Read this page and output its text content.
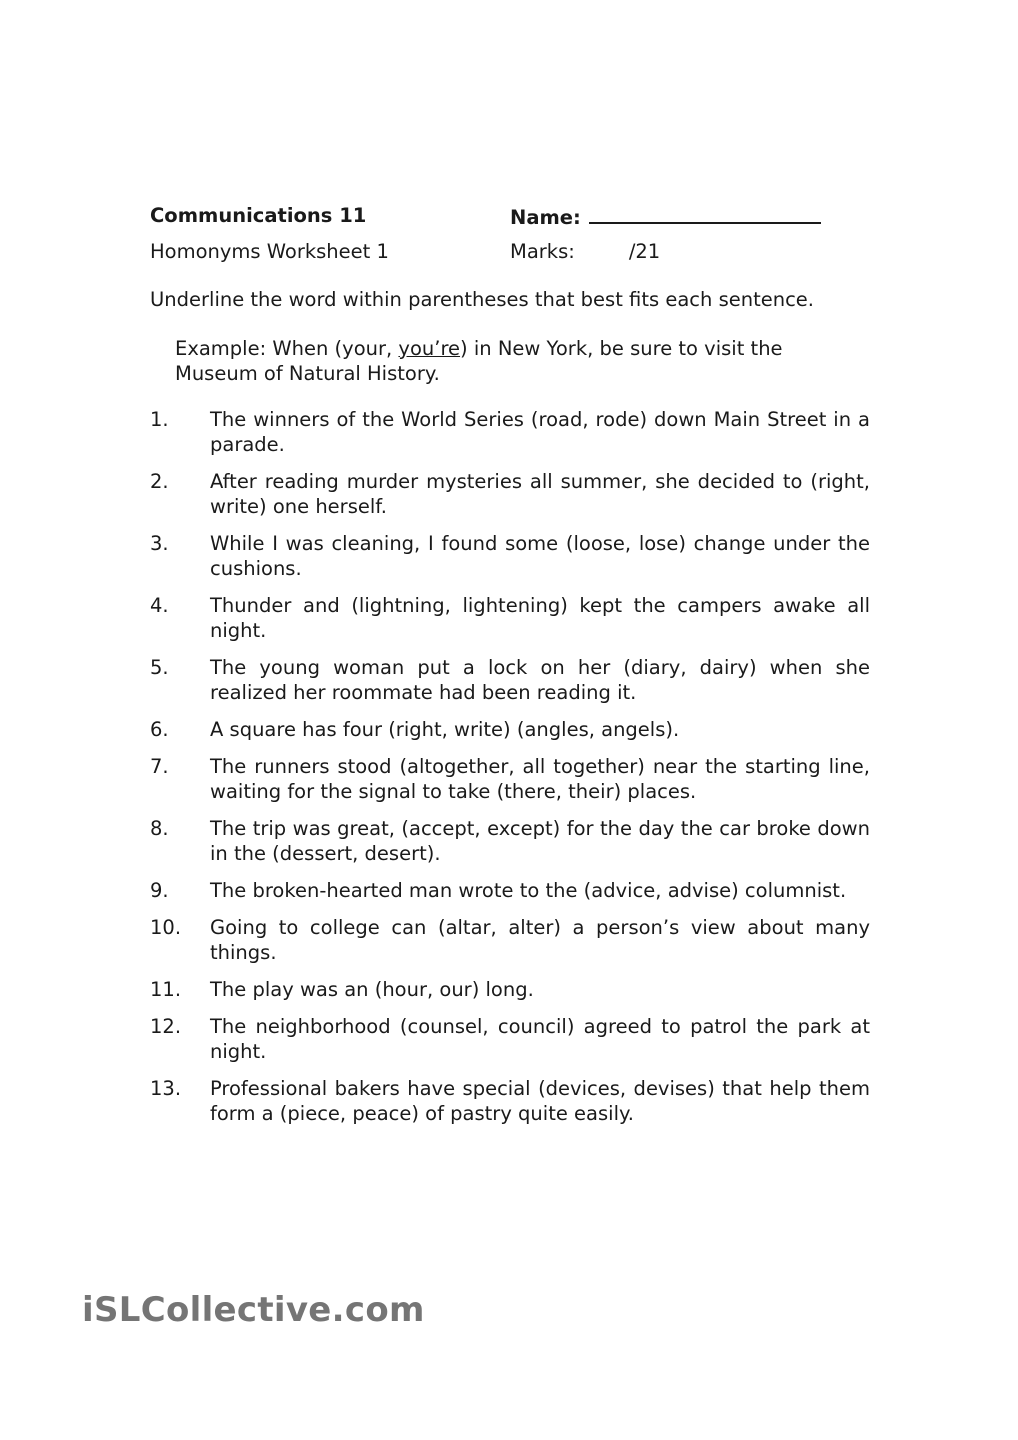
Communications 11	Name:
Homonyms Worksheet 1	Marks:	/21
Underline the word within parentheses that best fits each sentence.
Example: When (your, you’re) in New York, be sure to visit the Museum of Natural History.
1. The winners of the World Series (road, rode) down Main Street in a parade.
2. After reading murder mysteries all summer, she decided to (right, write) one herself.
3. While I was cleaning, I found some (loose, lose) change under the cushions.
4. Thunder and (lightning, lightening) kept the campers awake all night.
5. The young woman put a lock on her (diary, dairy) when she realized her roommate had been reading it.
6. A square has four (right, write) (angles, angels).
7. The runners stood (altogether, all together) near the starting line, waiting for the signal to take (there, their) places.
8. The trip was great, (accept, except) for the day the car broke down in the (dessert, desert).
9. The broken-hearted man wrote to the (advice, advise) columnist.
10. Going to college can (altar, alter) a person’s view about many things.
11. The play was an (hour, our) long.
12. The neighborhood (counsel, council) agreed to patrol the park at night.
13. Professional bakers have special (devices, devises) that help them form a (piece, peace) of pastry quite easily.
iSLCollective.com
